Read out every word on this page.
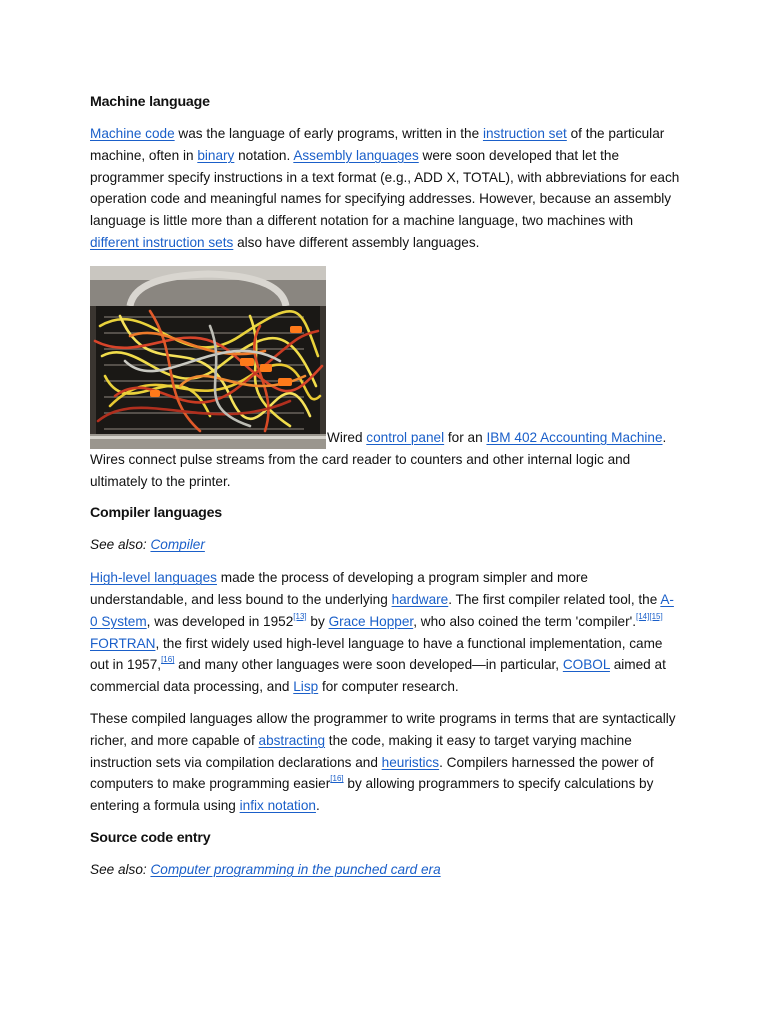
Machine language

Machine code was the language of early programs, written in the instruction set of the particular machine, often in binary notation. Assembly languages were soon developed that let the programmer specify instructions in a text format (e.g., ADD X, TOTAL), with abbreviations for each operation code and meaningful names for specifying addresses. However, because an assembly language is little more than a different notation for a machine language, two machines with different instruction sets also have different assembly languages.

Wired control panel for an IBM 402 Accounting Machine. Wires connect pulse streams from the card reader to counters and other internal logic and ultimately to the printer.

Compiler languages

See also: Compiler

High-level languages made the process of developing a program simpler and more understandable, and less bound to the underlying hardware. The first compiler related tool, the A-0 System, was developed in 1952[13] by Grace Hopper, who also coined the term 'compiler'.[14][15] FORTRAN, the first widely used high-level language to have a functional implementation, came out in 1957,[16] and many other languages were soon developed—in particular, COBOL aimed at commercial data processing, and Lisp for computer research.

These compiled languages allow the programmer to write programs in terms that are syntactically richer, and more capable of abstracting the code, making it easy to target varying machine instruction sets via compilation declarations and heuristics. Compilers harnessed the power of computers to make programming easier[16] by allowing programmers to specify calculations by entering a formula using infix notation.

Source code entry

See also: Computer programming in the punched card era
